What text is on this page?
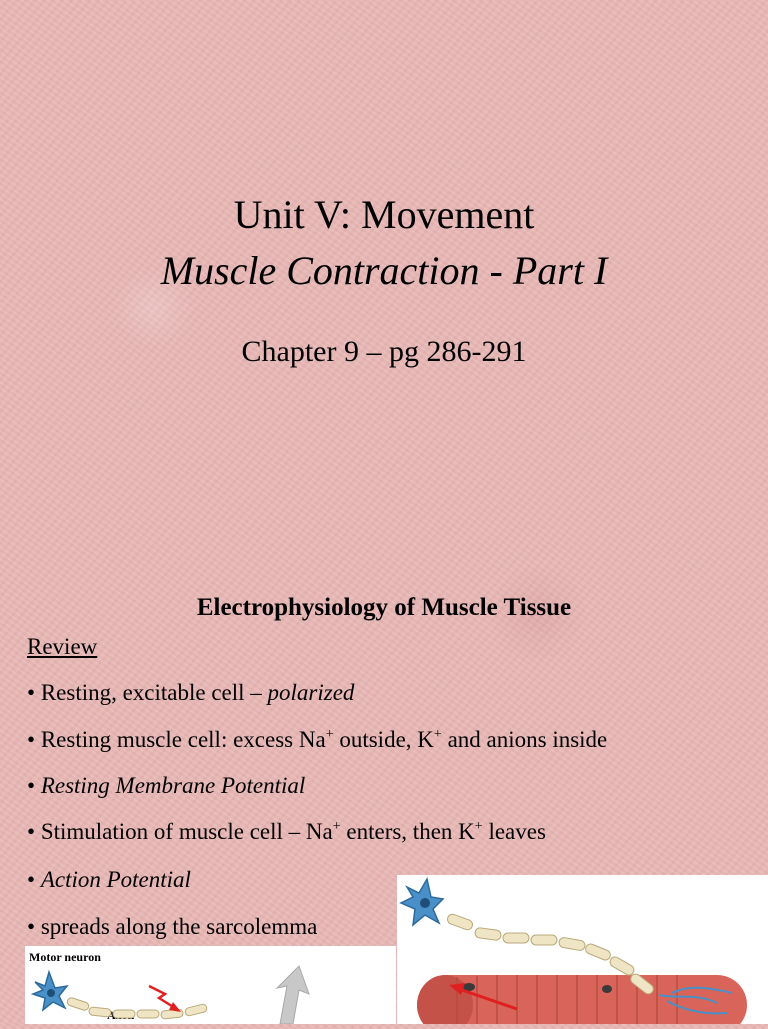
Unit V: Movement
Muscle Contraction - Part I
Chapter 9 – pg 286-291
Electrophysiology of Muscle Tissue
Review
• Resting, excitable cell – polarized
• Resting muscle cell: excess Na+ outside, K+ and anions inside
• Resting Membrane Potential
• Stimulation of muscle cell – Na+ enters, then K+ leaves
• Action Potential
• spreads along the sarcolemma
Motor neuron
